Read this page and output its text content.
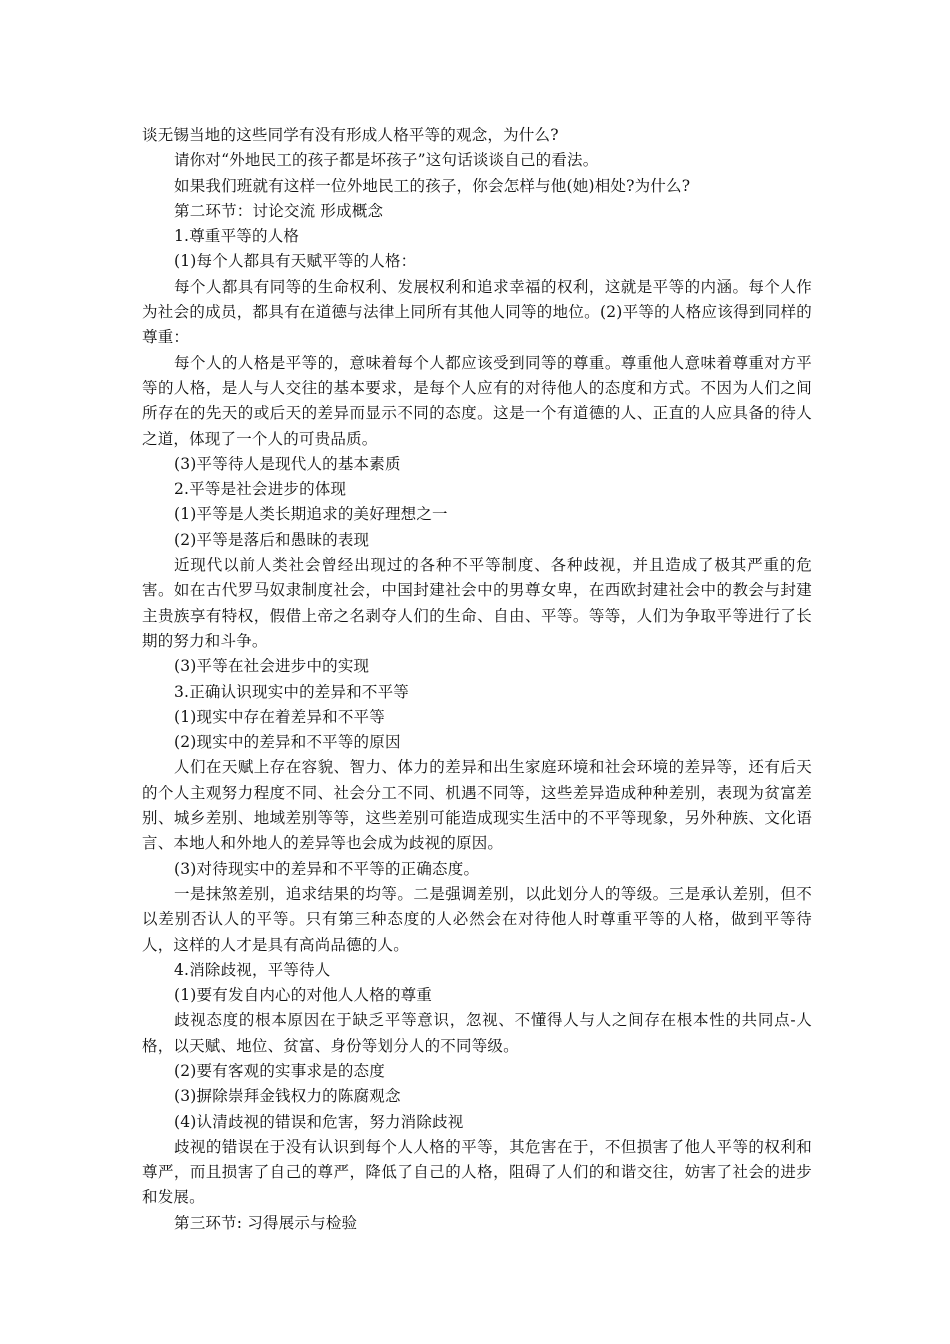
谈无锡当地的这些同学有没有形成人格平等的观念，为什么?

请你对“外地民工的孩子都是坏孩子”这句话谈谈自己的看法。

如果我们班就有这样一位外地民工的孩子，你会怎样与他(她)相处?为什么?

第二环节：讨论交流 形成概念

1.尊重平等的人格

(1)每个人都具有天赋平等的人格：

每个人都具有同等的生命权利、发展权利和追求幸福的权利，这就是平等的内涵。每个人作为社会的成员，都具有在道德与法律上同所有其他人同等的地位。(2)平等的人格应该得到同样的尊重：

每个人的人格是平等的，意味着每个人都应该受到同等的尊重。尊重他人意味着尊重对方平等的人格，是人与人交往的基本要求，是每个人应有的对待他人的态度和方式。不因为人们之间所存在的先天的或后天的差异而显示不同的态度。这是一个有道德的人、正直的人应具备的待人之道，体现了一个人的可贵品质。

(3)平等待人是现代人的基本素质

2.平等是社会进步的体现

(1)平等是人类长期追求的美好理想之一

(2)平等是落后和愚昧的表现

近现代以前人类社会曾经出现过的各种不平等制度、各种歧视，并且造成了极其严重的危害。如在古代罗马奴隶制度社会，中国封建社会中的男尊女卑，在西欧封建社会中的教会与封建主贵族享有特权，假借上帝之名剥夺人们的生命、自由、平等。等等，人们为争取平等进行了长期的努力和斗争。

(3)平等在社会进步中的实现

3.正确认识现实中的差异和不平等

(1)现实中存在着差异和不平等

(2)现实中的差异和不平等的原因

人们在天赋上存在容貌、智力、体力的差异和出生家庭环境和社会环境的差异等，还有后天的个人主观努力程度不同、社会分工不同、机遇不同等，这些差异造成种种差别，表现为贫富差别、城乡差别、地域差别等等，这些差别可能造成现实生活中的不平等现象，另外种族、文化语言、本地人和外地人的差异等也会成为歧视的原因。

(3)对待现实中的差异和不平等的正确态度。

一是抹煞差别，追求结果的均等。二是强调差别，以此划分人的等级。三是承认差别，但不以差别否认人的平等。只有第三种态度的人必然会在对待他人时尊重平等的人格，做到平等待人，这样的人才是具有高尚品德的人。

4.消除歧视，平等待人

(1)要有发自内心的对他人人格的尊重

歧视态度的根本原因在于缺乏平等意识，忽视、不懂得人与人之间存在根本性的共同点-人格，以天赋、地位、贫富、身份等划分人的不同等级。

(2)要有客观的实事求是的态度

(3)摒除崇拜金钱权力的陈腐观念

(4)认清歧视的错误和危害，努力消除歧视

歧视的错误在于没有认识到每个人人格的平等，其危害在于，不但损害了他人平等的权利和尊严，而且损害了自己的尊严，降低了自己的人格，阻碍了人们的和谐交往，妨害了社会的进步和发展。

第三环节: 习得展示与检验
